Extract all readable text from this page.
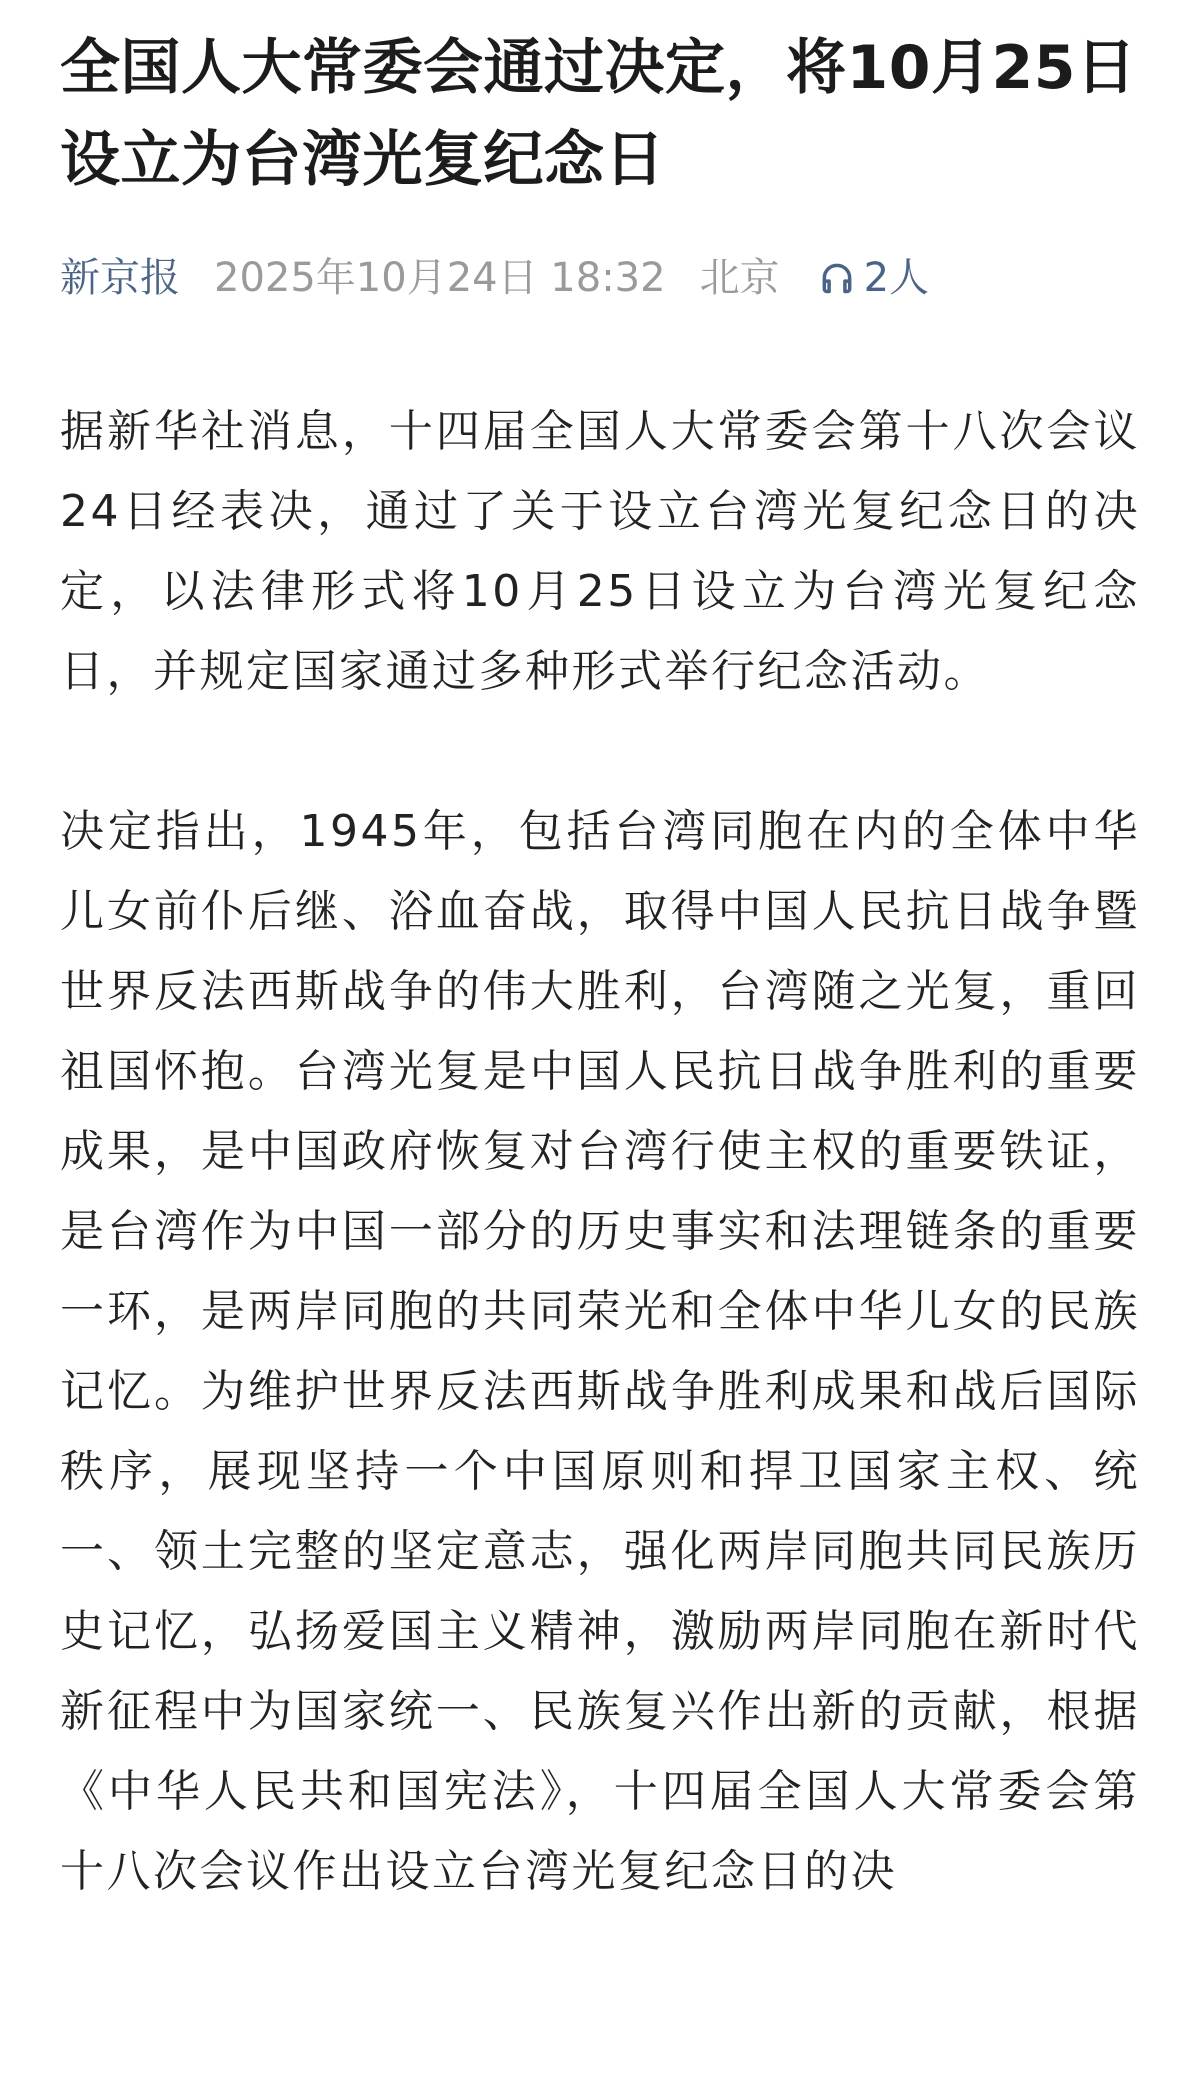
全国人大常委会通过决定，将10月25日设立为台湾光复纪念日
新京报 2025年10月24日 18:32 北京 2人

据新华社消息，十四届全国人大常委会第十八次会议24日经表决，通过了关于设立台湾光复纪念日的决定，以法律形式将10月25日设立为台湾光复纪念日，并规定国家通过多种形式举行纪念活动。

决定指出，1945年，包括台湾同胞在内的全体中华儿女前仆后继、浴血奋战，取得中国人民抗日战争暨世界反法西斯战争的伟大胜利，台湾随之光复，重回祖国怀抱。台湾光复是中国人民抗日战争胜利的重要成果，是中国政府恢复对台湾行使主权的重要铁证，是台湾作为中国一部分的历史事实和法理链条的重要一环，是两岸同胞的共同荣光和全体中华儿女的民族记忆。为维护世界反法西斯战争胜利成果和战后国际秩序，展现坚持一个中国原则和捍卫国家主权、统一、领土完整的坚定意志，强化两岸同胞共同民族历史记忆，弘扬爱国主义精神，激励两岸同胞在新时代新征程中为国家统一、民族复兴作出新的贡献，根据《中华人民共和国宪法》，十四届全国人大常委会第十八次会议作出设立台湾光复纪念日的决
